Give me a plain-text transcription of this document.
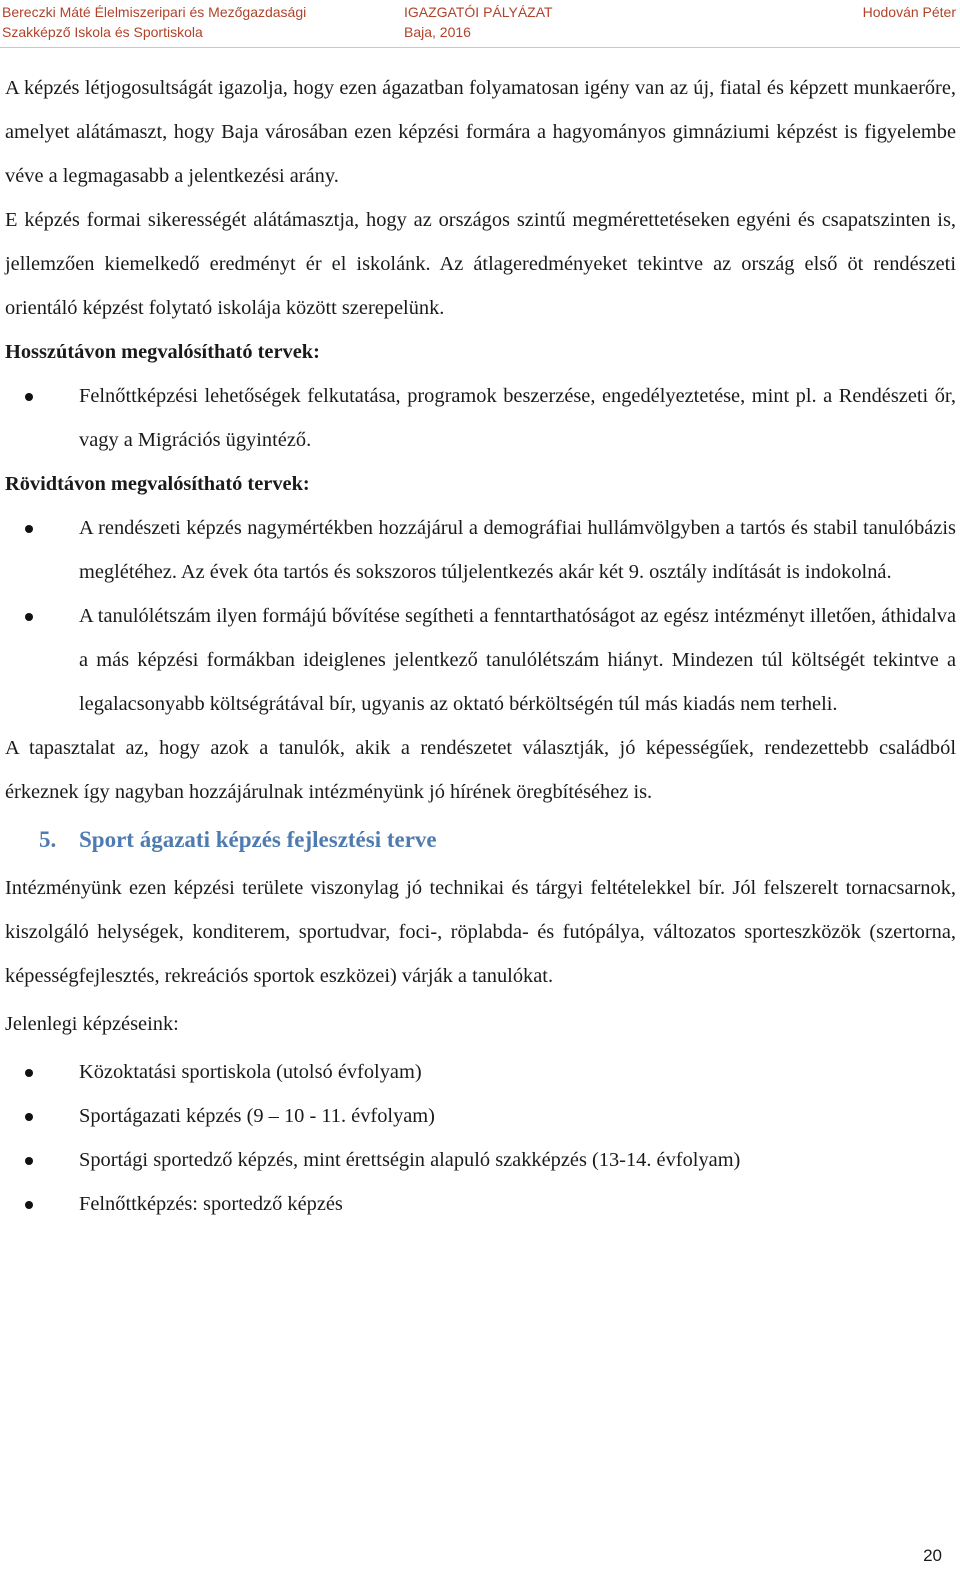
Bereczki Máté Élelmiszeripari és Mezőgazdasági
Szakképző Iskola és Sportiskola
IGAZGATÓI PÁLYÁZAT
Baja, 2016
Hodován Péter

A képzés létjogosultságát igazolja, hogy ezen ágazatban folyamatosan igény van az új, fiatal és képzett munkaerőre, amelyet alátámaszt, hogy Baja városában ezen képzési formára a hagyományos gimnáziumi képzést is figyelembe véve a legmagasabb a jelentkezési arány.

E képzés formai sikerességét alátámasztja, hogy az országos szintű megmérettetéseken egyéni és csapatszinten is, jellemzően kiemelkedő eredményt ér el iskolánk. Az átlageredményeket tekintve az ország első öt rendészeti orientáló képzést folytató iskolája között szerepelünk.

Hosszútávon megvalósítható tervek:

Felnőttképzési lehetőségek felkutatása, programok beszerzése, engedélyeztetése, mint pl. a Rendészeti őr, vagy a Migrációs ügyintéző.

Rövidtávon megvalósítható tervek:

A rendészeti képzés nagymértékben hozzájárul a demográfiai hullámvölgyben a tartós és stabil tanulóbázis meglétéhez. Az évek óta tartós és sokszoros túljelentkezés akár két 9. osztály indítását is indokolná.
A tanulólétszám ilyen formájú bővítése segítheti a fenntarthatóságot az egész intézményt illetően, áthidalva a más képzési formákban ideiglenes jelentkező tanulólétszám hiányt. Mindezen túl költségét tekintve a legalacsonyabb költségrátával bír, ugyanis az oktató bérköltségén túl más kiadás nem terheli.

A tapasztalat az, hogy azok a tanulók, akik a rendészetet választják, jó képességűek, rendezettebb családból érkeznek így nagyban hozzájárulnak intézményünk jó hírének öregbítéséhez is.

5. Sport ágazati képzés fejlesztési terve

Intézményünk ezen képzési területe viszonylag jó technikai és tárgyi feltételekkel bír. Jól felszerelt tornacsarnok, kiszolgáló helységek, konditerem, sportudvar, foci-, röplabda- és futópálya, változatos sporteszközök (szertorna, képességfejlesztés, rekreációs sportok eszközei) várják a tanulókat.

Jelenlegi képzéseink:

Közoktatási sportiskola (utolsó évfolyam)
Sportágazati képzés (9 – 10 - 11. évfolyam)
Sportági sportedző képzés, mint érettségin alapuló szakképzés (13-14. évfolyam)
Felnőttképzés: sportedző képzés
20
